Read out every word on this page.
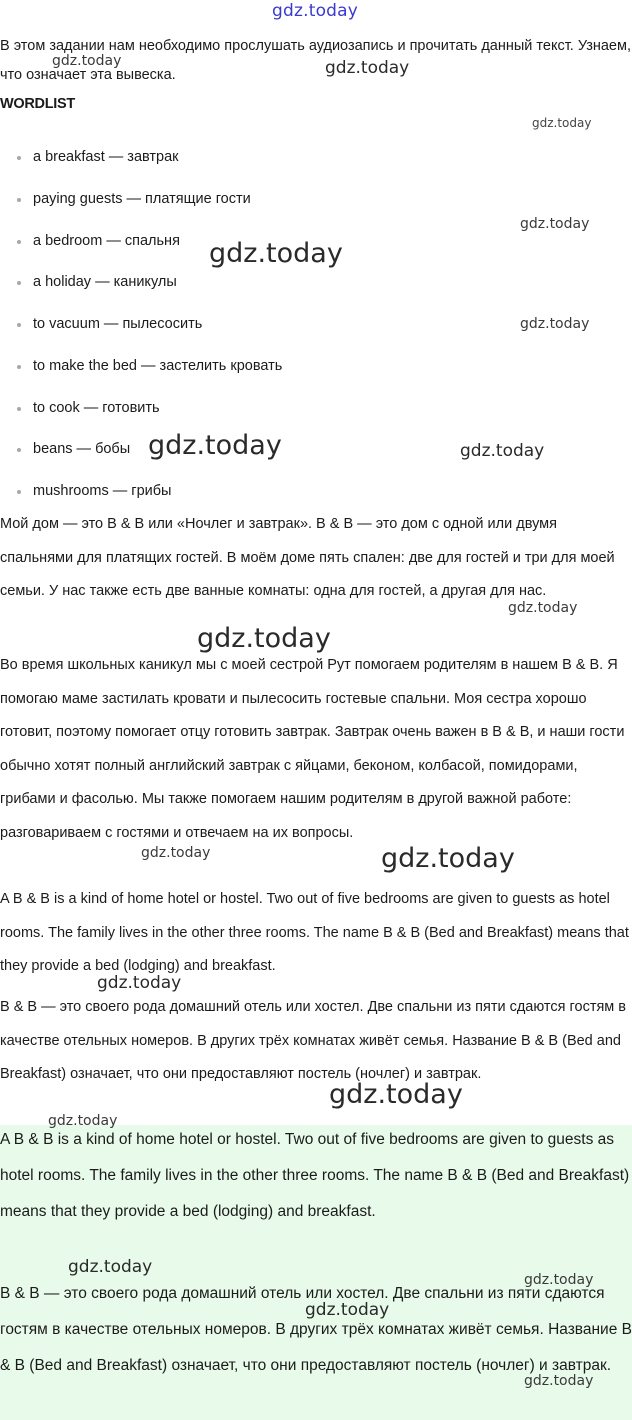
gdz.today

В этом задании нам необходимо прослушать аудиозапись и прочитать данный текст. Узнаем, что означает эта вывеска.

WORDLIST
a breakfast — завтрак
paying guests — платящие гости
a bedroom — спальня
a holiday — каникулы
to vacuum — пылесосить
to make the bed — застелить кровать
to cook — готовить
beans — бобы
mushrooms — грибы

Мой дом — это B & B или «Ночлег и завтрак». B & B — это дом с одной или двумя спальнями для платящих гостей. В моём доме пять спален: две для гостей и три для моей семьи. У нас также есть две ванные комнаты: одна для гостей, а другая для нас.

Во время школьных каникул мы с моей сестрой Рут помогаем родителям в нашем B & B. Я помогаю маме застилать кровати и пылесосить гостевые спальни. Моя сестра хорошо готовит, поэтому помогает отцу готовить завтрак. Завтрак очень важен в B & B, и наши гости обычно хотят полный английский завтрак с яйцами, беконом, колбасой, помидорами, грибами и фасолью. Мы также помогаем нашим родителям в другой важной работе: разговариваем с гостями и отвечаем на их вопросы.

A B & B is a kind of home hotel or hostel. Two out of five bedrooms are given to guests as hotel rooms. The family lives in the other three rooms. The name B & B (Bed and Breakfast) means that they provide a bed (lodging) and breakfast.

B & B — это своего рода домашний отель или хостел. Две спальни из пяти сдаются гостям в качестве отельных номеров. В других трёх комнатах живёт семья. Название B & B (Bed and Breakfast) означает, что они предоставляют постель (ночлег) и завтрак.

A B & B is a kind of home hotel or hostel. Two out of five bedrooms are given to guests as hotel rooms. The family lives in the other three rooms. The name B & B (Bed and Breakfast) means that they provide a bed (lodging) and breakfast.

B & B — это своего рода домашний отель или хостел. Две спальни из пяти сдаются гостям в качестве отельных номеров. В других трёх комнатах живёт семья. Название B & B (Bed and Breakfast) означает, что они предоставляют постель (ночлег) и завтрак.

gdz.today	gdz.today
gdz.today
gdz.today
gdz.today
gdz.today
gdz.today	gdz.today
gdz.today
gdz.today
gdz.today	gdz.today
gdz.today
gdz.today
gdz.today
gdz.today
gdz.today
gdz.today
gdz.today
